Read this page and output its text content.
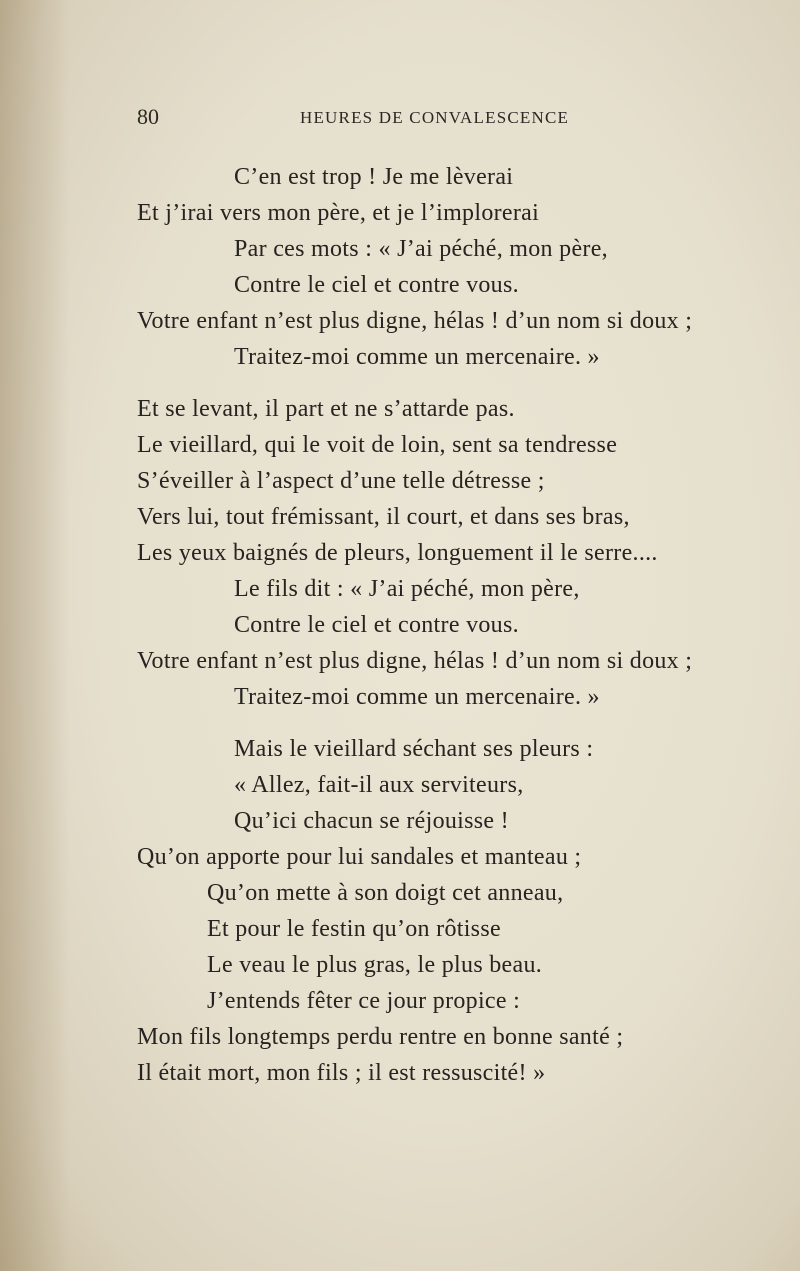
80	HEURES DE CONVALESCENCE
C’en est trop ! Je me lèverai
Et j’irai vers mon père, et je l’implorerai
Par ces mots : « J’ai péché, mon père,
Contre le ciel et contre vous.
Votre enfant n’est plus digne, hélas ! d’un nom si doux ;
Traitez-moi comme un mercenaire. »
Et se levant, il part et ne s’attarde pas.
Le vieillard, qui le voit de loin, sent sa tendresse
S’éveiller à l’aspect d’une telle détresse ;
Vers lui, tout frémissant, il court, et dans ses bras,
Les yeux baignés de pleurs, longuement il le serre....
Le fils dit : « J’ai péché, mon père,
Contre le ciel et contre vous.
Votre enfant n’est plus digne, hélas ! d’un nom si doux ;
Traitez-moi comme un mercenaire. »
Mais le vieillard séchant ses pleurs :
« Allez, fait-il aux serviteurs,
Qu’ici chacun se réjouisse !
Qu’on apporte pour lui sandales et manteau ;
Qu’on mette à son doigt cet anneau,
Et pour le festin qu’on rôtisse
Le veau le plus gras, le plus beau.
J’entends fêter ce jour propice :
Mon fils longtemps perdu rentre en bonne santé ;
Il était mort, mon fils ; il est ressuscité! »
